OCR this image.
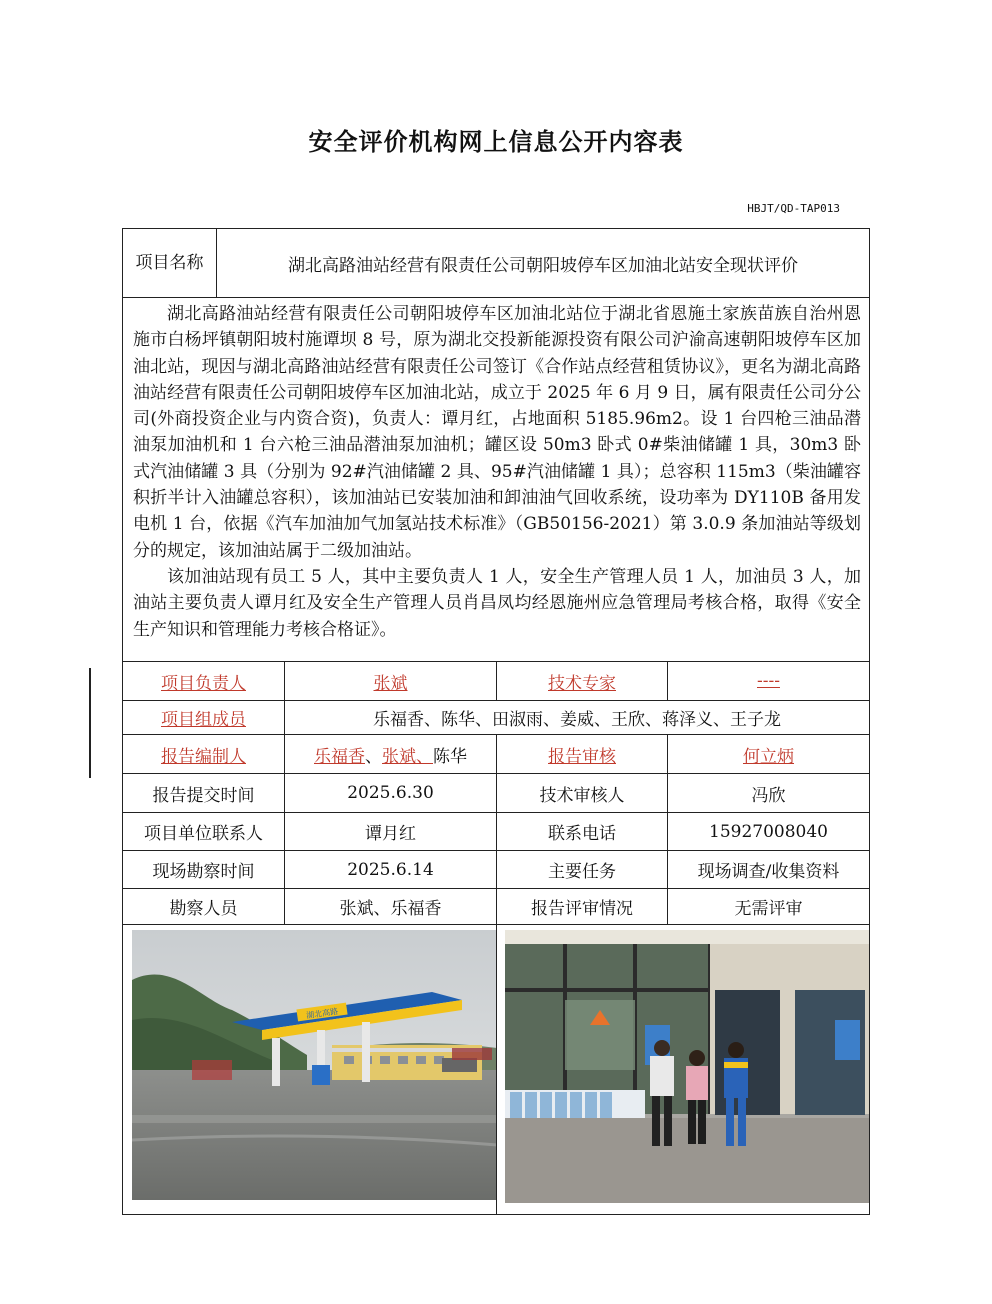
安全评价机构网上信息公开内容表
HBJT/QD-TAP013
项目名称	湖北高路油站经营有限责任公司朝阳坡停车区加油北站安全现状评价			

湖北高路油站经营有限责任公司朝阳坡停车区加油北站位于湖北省恩施土家族苗族自治州恩施市白杨坪镇朝阳坡村施谭坝 8 号，原为湖北交投新能源投资有限公司沪渝高速朝阳坡停车区加油北站，现因与湖北高路油站经营有限责任公司签订《合作站点经营租赁协议》，更名为湖北高路油站经营有限责任公司朝阳坡停车区加油北站，成立于 2025 年 6 月 9 日，属有限责任公司分公司(外商投资企业与内资合资)，负责人：谭月红，占地面积 5185.96m2。设 1 台四枪三油品潜油泵加油机和 1 台六枪三油品潜油泵加油机；罐区设 50m3 卧式 0#柴油储罐 1 具，30m3 卧式汽油储罐 3 具（分别为 92#汽油储罐 2 具、95#汽油储罐 1 具）；总容积 115m3（柴油罐容积折半计入油罐总容积），该加油站已安装加油和卸油油气回收系统，设功率为 DY110B 备用发电机 1 台，依据《汽车加油加气加氢站技术标准》（GB50156-2021）第 3.0.9 条加油站等级划分的规定，该加油站属于二级加油站。

该加油站现有员工 5 人，其中主要负责人 1 人，安全生产管理人员 1 人，加油员 3 人，加油站主要负责人谭月红及安全生产管理人员肖昌凤均经恩施州应急管理局考核合格，取得《安全生产知识和管理能力考核合格证》。				

项目负责人		张斌	技术专家	----
项目组成员		乐福香、陈华、田淑雨、姜威、王欣、蒋泽义、王子龙		
报告编制人		乐福香、张斌、陈华	报告审核	何立炳
报告提交时间		2025.6.30	技术审核人	冯欣
项目单位联系人		谭月红	联系电话	15927008040
现场勘察时间		2025.6.14	主要任务	现场调查/收集资料
勘察人员		张斌、乐福香	报告评审情况	无需评审

湖北高路
